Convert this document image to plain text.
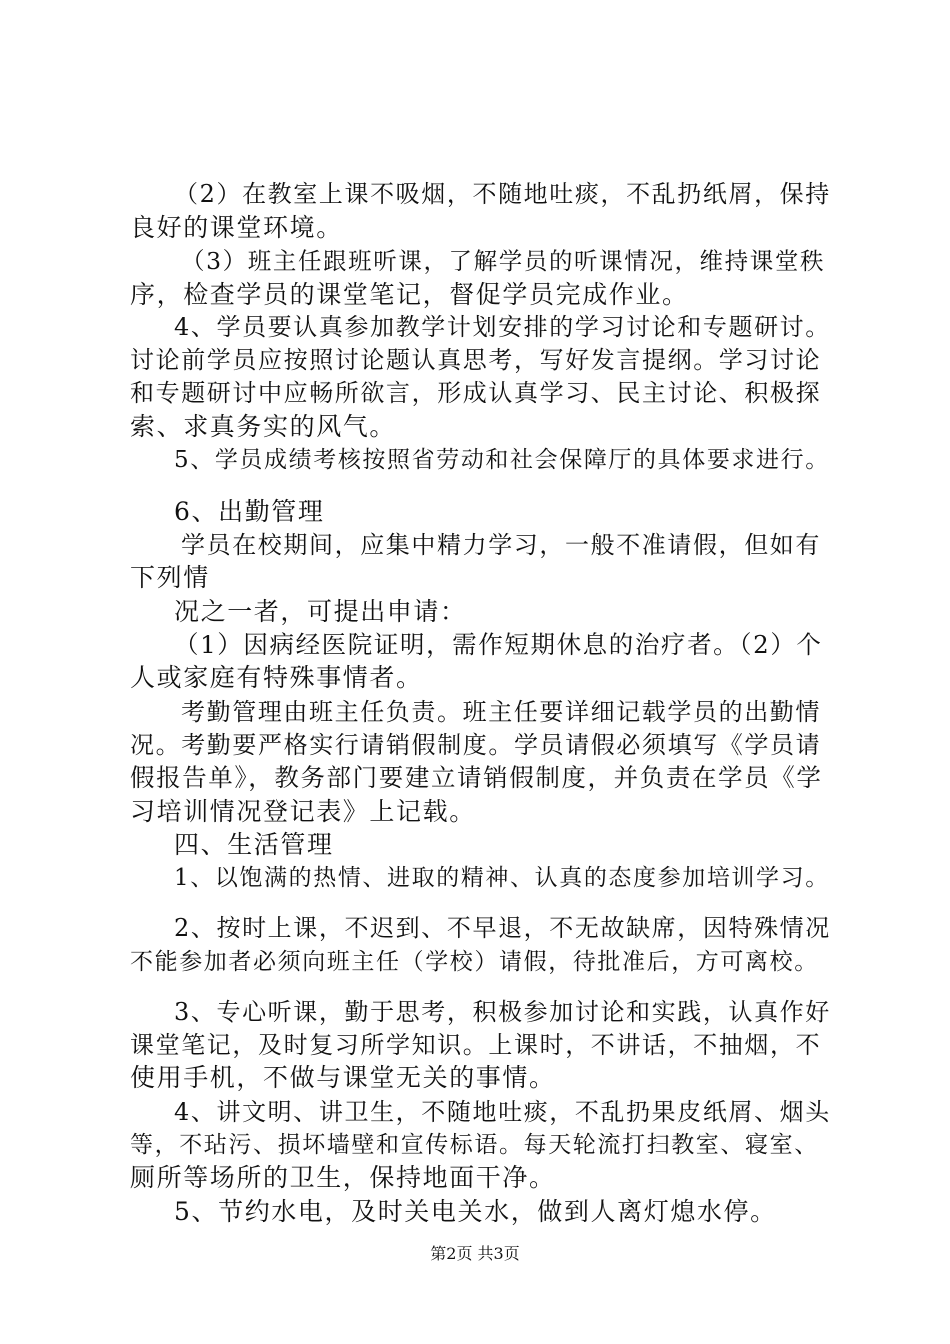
（2）在教室上课不吸烟，不随地吐痰，不乱扔纸屑，保持
良好的课堂环境。
（3）班主任跟班听课，了解学员的听课情况，维持课堂秩
序，检查学员的课堂笔记，督促学员完成作业。
4、学员要认真参加教学计划安排的学习讨论和专题研讨。
讨论前学员应按照讨论题认真思考，写好发言提纲。学习讨论
和专题研讨中应畅所欲言，形成认真学习、民主讨论、积极探
索、求真务实的风气。
5、学员成绩考核按照省劳动和社会保障厅的具体要求进行。
6、出勤管理
学员在校期间，应集中精力学习，一般不准请假，但如有
下列情
况之一者，可提出申请：
（1）因病经医院证明，需作短期休息的治疗者。（2）个
人或家庭有特殊事情者。
考勤管理由班主任负责。班主任要详细记载学员的出勤情
况。考勤要严格实行请销假制度。学员请假必须填写《学员请
假报告单》，教务部门要建立请销假制度，并负责在学员《学
习培训情况登记表》上记载。
四、生活管理
1、以饱满的热情、进取的精神、认真的态度参加培训学习。
2、按时上课，不迟到、不早退，不无故缺席，因特殊情况
不能参加者必须向班主任（学校）请假，待批准后，方可离校。
3、专心听课，勤于思考，积极参加讨论和实践，认真作好
课堂笔记，及时复习所学知识。上课时，不讲话，不抽烟，不
使用手机，不做与课堂无关的事情。
4、讲文明、讲卫生，不随地吐痰，不乱扔果皮纸屑、烟头
等，不玷污、损坏墙壁和宣传标语。每天轮流打扫教室、寝室、
厕所等场所的卫生，保持地面干净。
5、节约水电，及时关电关水，做到人离灯熄水停。
第2页 共3页
